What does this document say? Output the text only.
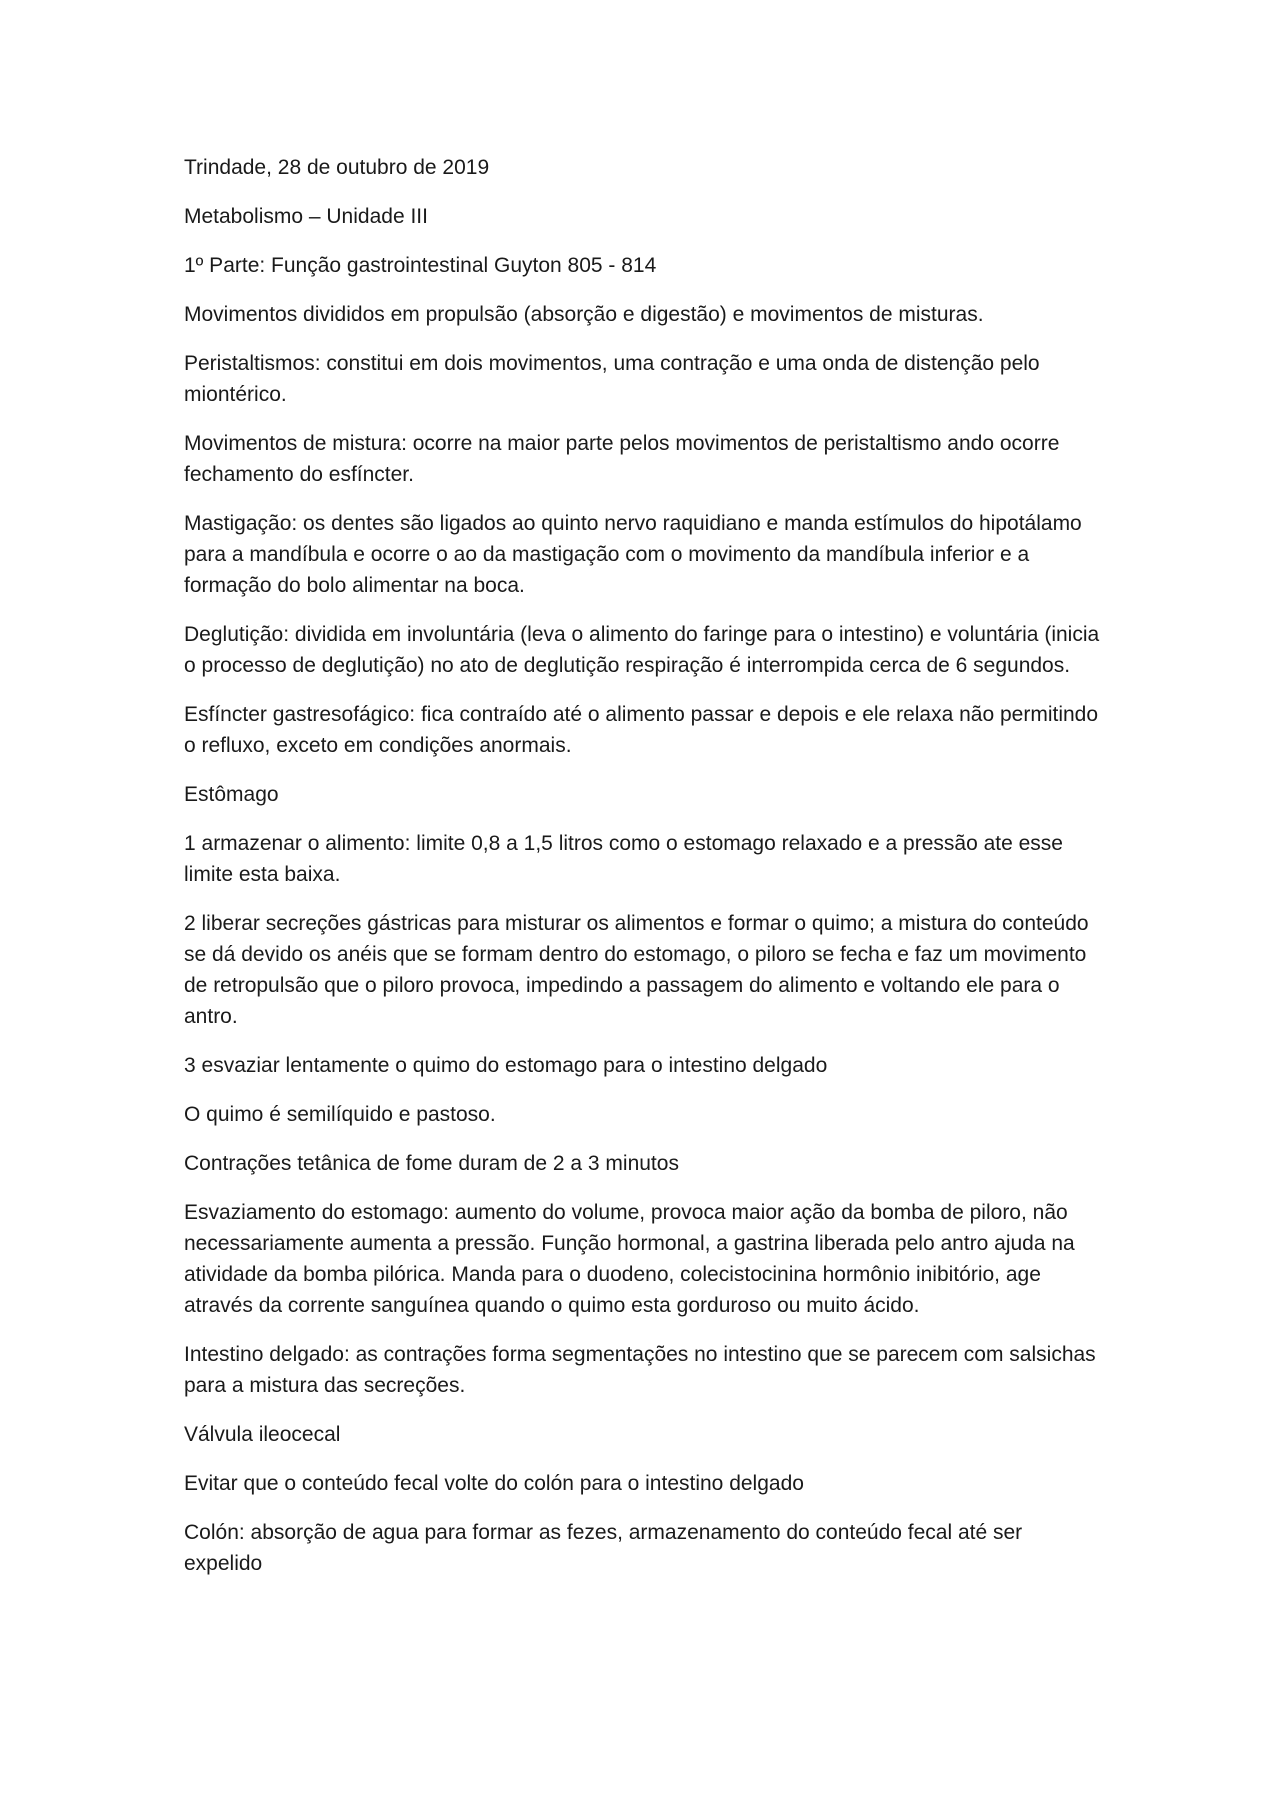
Trindade, 28 de outubro de 2019

Metabolismo – Unidade III

1º Parte: Função gastrointestinal Guyton 805 - 814

Movimentos divididos em propulsão (absorção e digestão) e movimentos de misturas.

Peristaltismos: constitui em dois movimentos, uma contração e uma onda de distenção pelo miontérico.

Movimentos de mistura: ocorre na maior parte pelos movimentos de peristaltismo ando ocorre fechamento do esfíncter.

Mastigação: os dentes são ligados ao quinto nervo raquidiano e manda estímulos do hipotálamo para a mandíbula e ocorre o ao da mastigação com o movimento da mandíbula inferior e a formação do bolo alimentar na boca.

Deglutição: dividida em involuntária (leva o alimento do faringe para o intestino) e voluntária (inicia o processo de deglutição) no ato de deglutição respiração é interrompida cerca de 6 segundos.

Esfíncter gastresofágico: fica contraído até o alimento passar e depois e ele relaxa não permitindo o refluxo, exceto em condições anormais.

Estômago

1 armazenar o alimento: limite 0,8 a 1,5 litros como o estomago relaxado e a pressão ate esse limite esta baixa.

2 liberar secreções gástricas para misturar os alimentos e formar o quimo; a mistura do conteúdo se dá devido os anéis que se formam dentro do estomago, o piloro se fecha e faz um movimento de retropulsão que o piloro provoca, impedindo a passagem do alimento e voltando ele para o antro.

3 esvaziar lentamente o quimo do estomago para o intestino delgado

O quimo é semilíquido e pastoso.

Contrações tetânica de fome duram de 2 a 3 minutos

Esvaziamento do estomago: aumento do volume, provoca maior ação da bomba de piloro, não necessariamente aumenta a pressão. Função hormonal, a gastrina liberada pelo antro ajuda na atividade da bomba pilórica. Manda para o duodeno, colecistocinina hormônio inibitório, age através da corrente sanguínea quando o quimo esta gorduroso ou muito ácido.

Intestino delgado: as contrações forma segmentações no intestino que se parecem com salsichas para a mistura das secreções.

Válvula ileocecal

Evitar que o conteúdo fecal volte do colón para o intestino delgado

Colón: absorção de agua para formar as fezes, armazenamento do conteúdo fecal até ser expelido
